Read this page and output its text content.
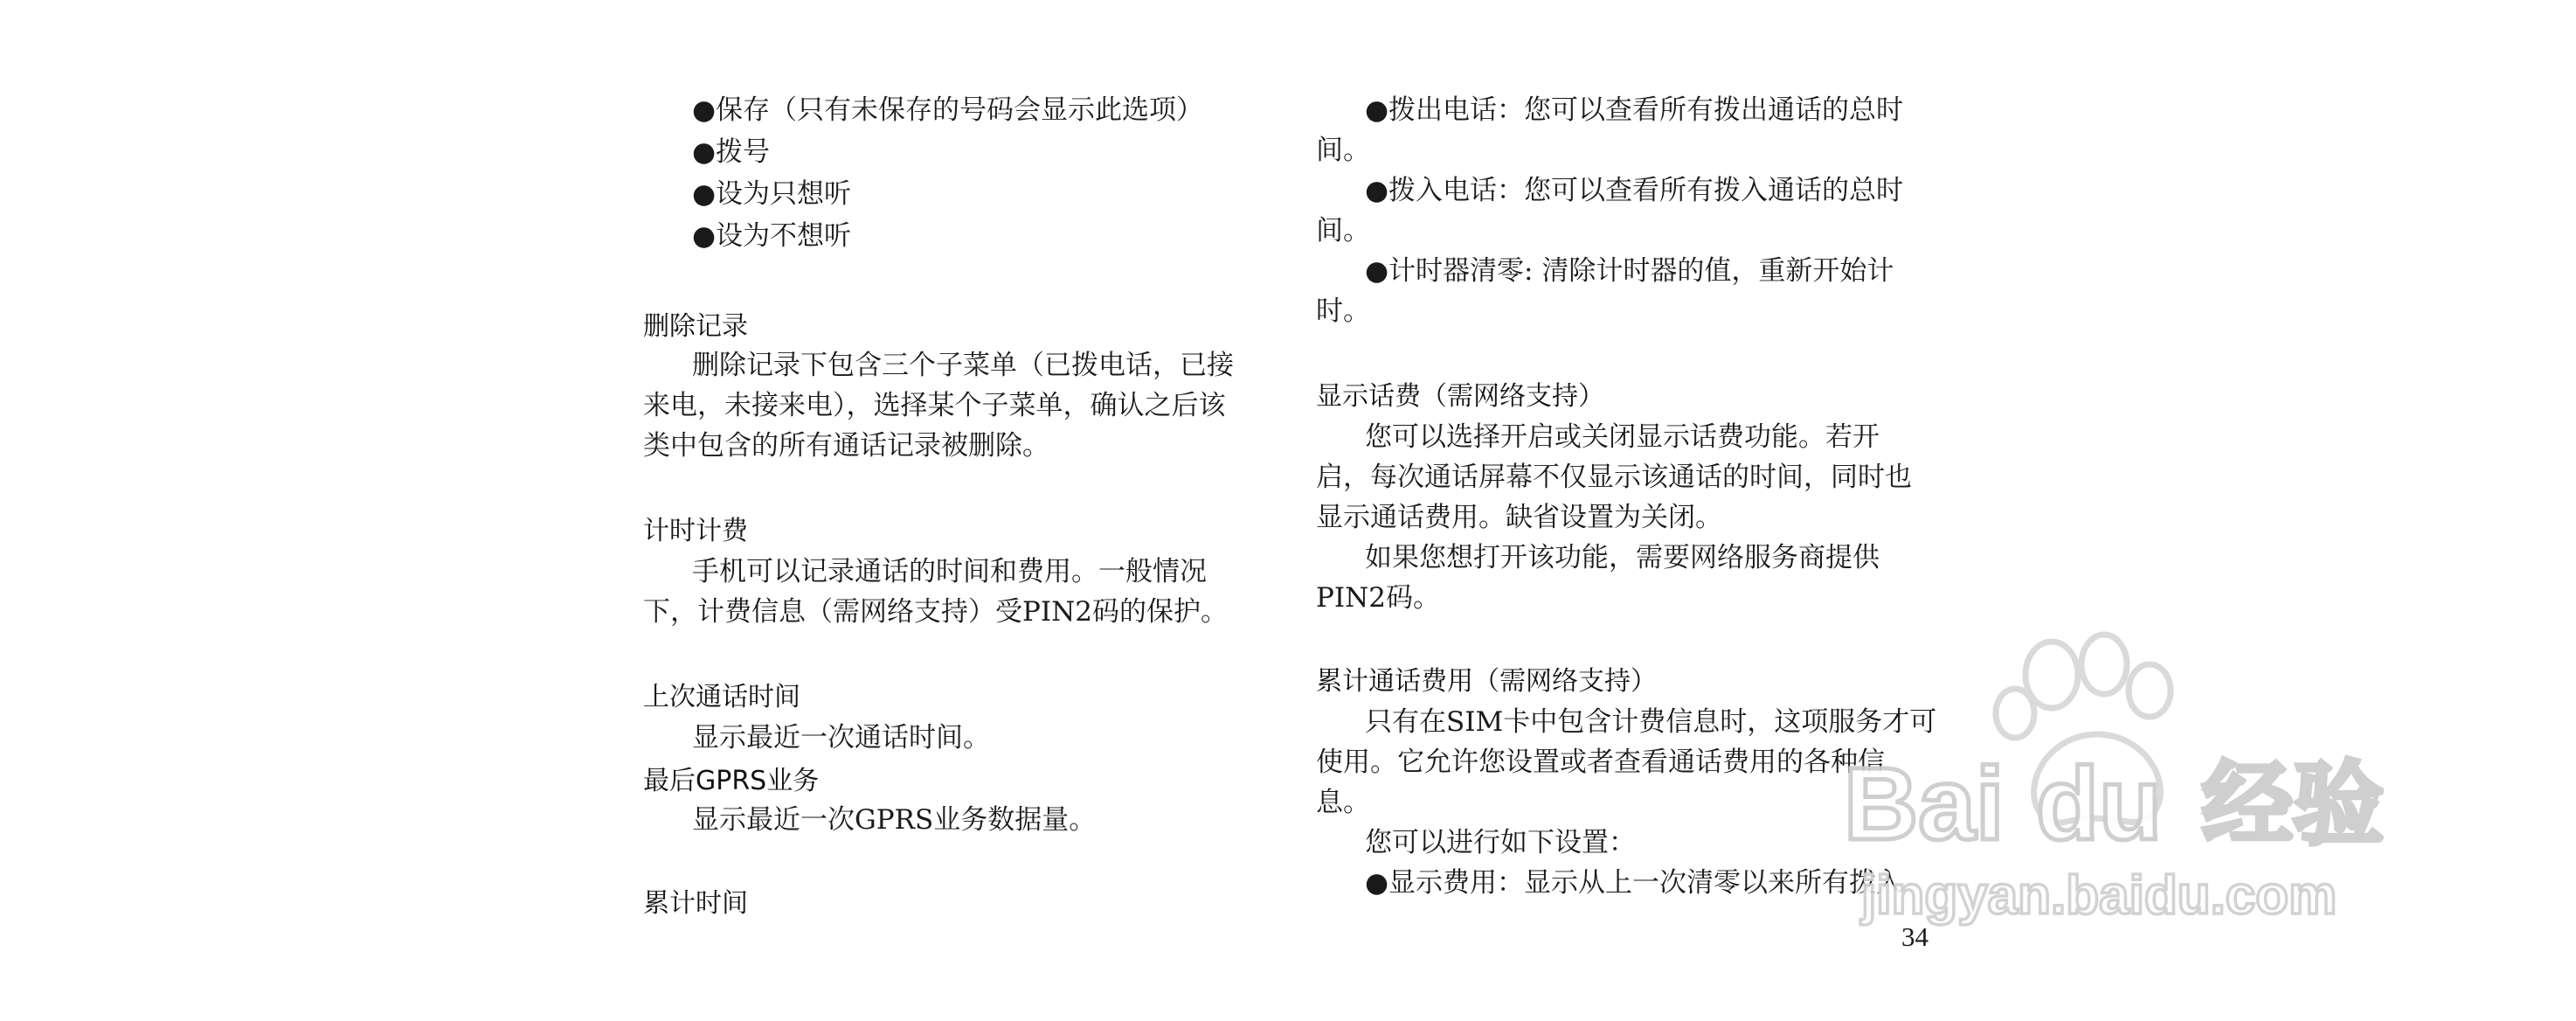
●保存（只有未保存的号码会显示此选项）
●拨号
●设为只想听
●设为不想听
删除记录
删除记录下包含三个子菜单（已拨电话，已接
来电，未接来电），选择某个子菜单，确认之后该
类中包含的所有通话记录被删除。
计时计费
手机可以记录通话的时间和费用。一般情况
下，计费信息（需网络支持）受PIN2码的保护。
上次通话时间
显示最近一次通话时间。
最后GPRS业务
显示最近一次GPRS业务数据量。
累计时间
●拨出电话：您可以查看所有拨出通话的总时
间。
●拨入电话：您可以查看所有拨入通话的总时
间。
●计时器清零: 清除计时器的值，重新开始计
时。
显示话费（需网络支持）
您可以选择开启或关闭显示话费功能。若开
启，每次通话屏幕不仅显示该通话的时间，同时也
显示通话费用。缺省设置为关闭。
如果您想打开该功能，需要网络服务商提供
PIN2码。
累计通话费用（需网络支持）
只有在SIM卡中包含计费信息时，这项服务才可
使用。它允许您设置或者查看通话费用的各种信
息。
您可以进行如下设置：
●显示费用：显示从上一次清零以来所有拨入
34
Bai du 经验
jingyan.baidu.com
